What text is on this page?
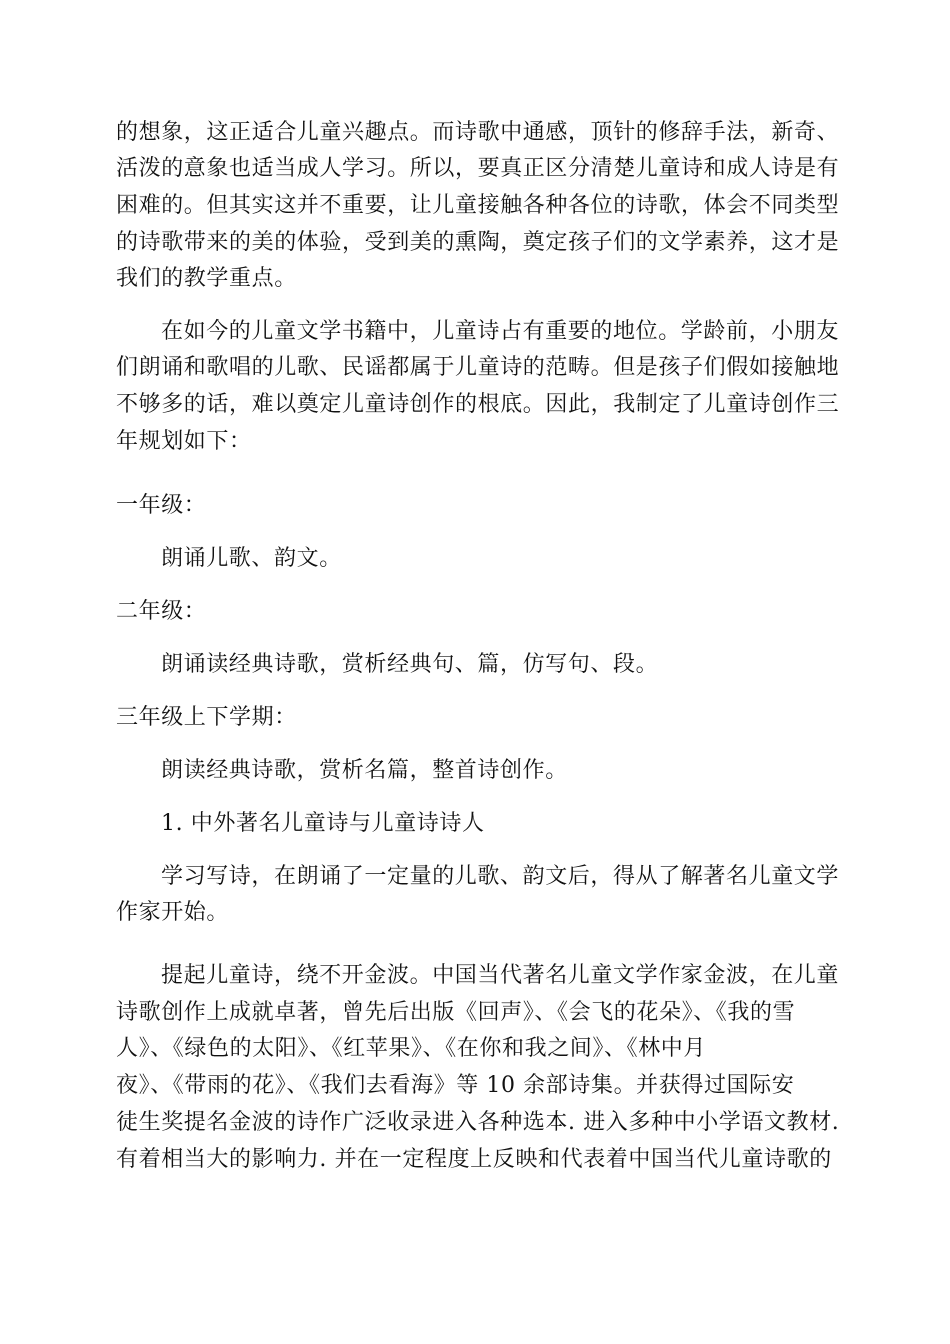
的想象，这正适合儿童兴趣点。而诗歌中通感，顶针的修辞手法，新奇、
活泼的意象也适当成人学习。所以，要真正区分清楚儿童诗和成人诗是有
困难的。但其实这并不重要，让儿童接触各种各位的诗歌，体会不同类型
的诗歌带来的美的体验，受到美的熏陶，奠定孩子们的文学素养，这才是
我们的教学重点。
在如今的儿童文学书籍中，儿童诗占有重要的地位。学龄前，小朋友
们朗诵和歌唱的儿歌、民谣都属于儿童诗的范畴。但是孩子们假如接触地
不够多的话，难以奠定儿童诗创作的根底。因此，我制定了儿童诗创作三
年规划如下：
一年级：
朗诵儿歌、韵文。
二年级：
朗诵读经典诗歌，赏析经典句、篇，仿写句、段。
三年级上下学期：
朗读经典诗歌，赏析名篇，整首诗创作。
1. 中外著名儿童诗与儿童诗诗人
学习写诗，在朗诵了一定量的儿歌、韵文后，得从了解著名儿童文学
作家开始。
提起儿童诗，绕不开金波。中国当代著名儿童文学作家金波，在儿童
诗歌创作上成就卓著，曾先后出版《回声》、《会飞的花朵》、《我的雪
人》、《绿色的太阳》、《红苹果》、《在你和我之间》、《林中月
夜》、《带雨的花》、《我们去看海》等 10 余部诗集。并获得过国际安
徒生奖提名金波的诗作广泛收录进入各种选本. 进入多种中小学语文教材.
有着相当大的影响力. 并在一定程度上反映和代表着中国当代儿童诗歌的
